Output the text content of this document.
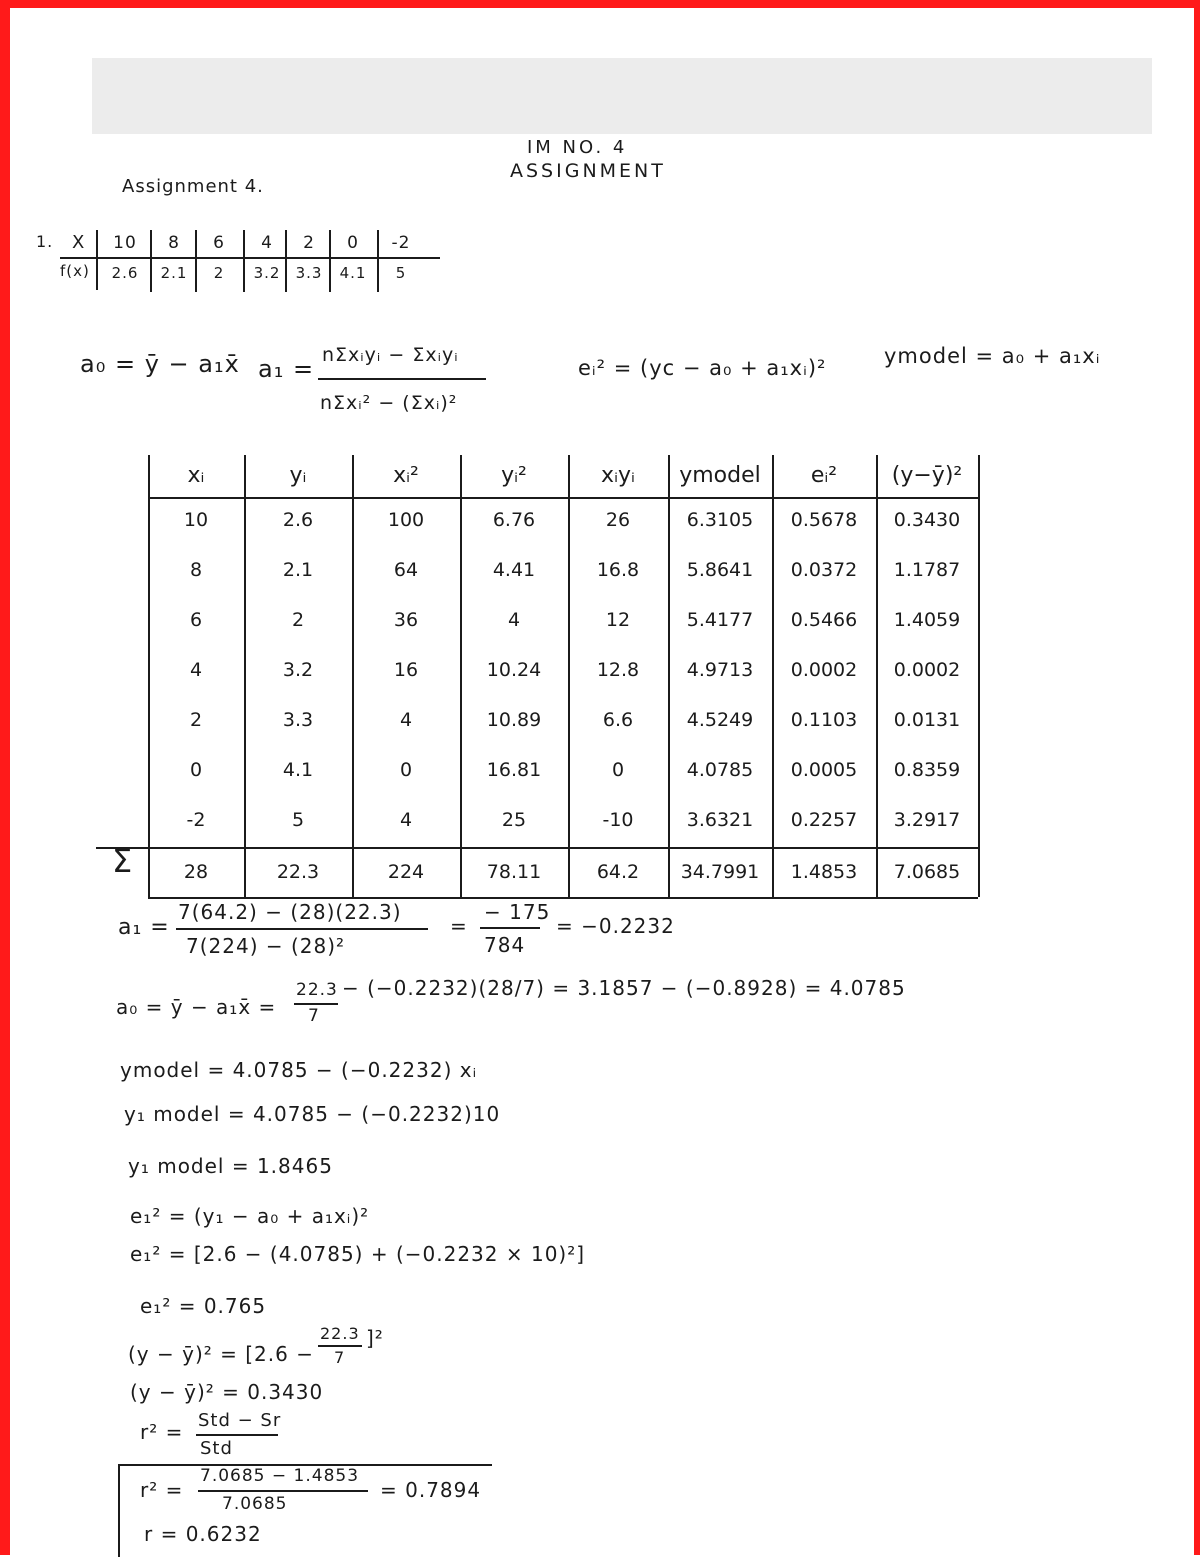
IM NO. 4
ASSIGNMENT
Assignment 4.
1. X
f(x)
10
2.6
8
2.1
6
2
4
3.2
2
3.3
0
4.1
-2
5
a₀ = ȳ − a₁x̄ a₁ = nΣxᵢyᵢ − Σxᵢyᵢ
nΣxᵢ² − (Σxᵢ)²
eᵢ² = (yc − a₀ + a₁xᵢ)²	ymodel = a₀ + a₁xᵢ
xᵢ
10
8
6
4
2
0
-2
28
yᵢ
2.6
2.1
2
3.2
3.3
4.1
5
22.3
xᵢ²
100
64
36
16
4
0
4
224
yᵢ²
6.76
4.41
4
10.24
10.89
16.81
25
78.11
xᵢyᵢ
26
16.8
12
12.8
6.6
0
-10
64.2
ymodel
6.3105
5.8641
5.4177
4.9713
4.5249
4.0785
3.6321
34.7991
eᵢ²
0.5678
0.0372
0.5466
0.0002
0.1103
0.0005
0.2257
1.4853
(y−ȳ)²
0.3430
1.1787
1.4059
0.0002
0.0131
0.8359
3.2917
7.0685
Σ
a₁ =
7(64.2) − (28)(22.3)
7(224) − (28)²
=
− 175
784
= −0.2232
a₀ = ȳ − a₁x̄ =
22.3
7
− (−0.2232)(28/7) = 3.1857 − (−0.8928) = 4.0785
ymodel = 4.0785 − (−0.2232) xᵢ
y₁ model = 4.0785 − (−0.2232)10
y₁ model = 1.8465
e₁² = (y₁ − a₀ + a₁xᵢ)²
e₁² = [2.6 − (4.0785) + (−0.2232 × 10)²]
e₁² = 0.765
(y − ȳ)² = [2.6 −
22.3
7
]²
(y − ȳ)² = 0.3430
r² = Std − Sr
Std
r² =
7.0685 − 1.4853
7.0685
= 0.7894
r = 0.6232
